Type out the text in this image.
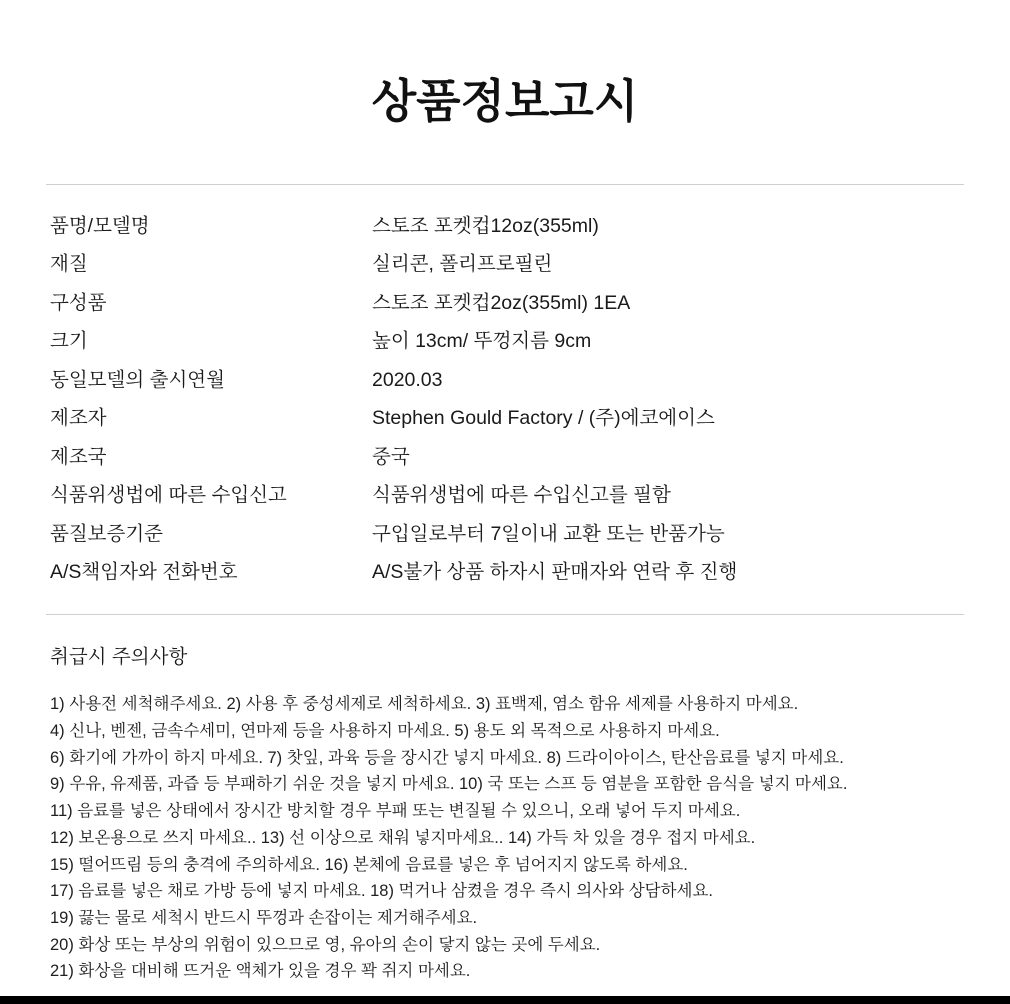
상품정보고시
품명/모델명	스토조 포켓컵12oz(355ml)
재질	실리콘, 폴리프로필린
구성품	스토조 포켓컵2oz(355ml) 1EA
크기	높이 13cm/ 뚜껑지름 9cm
동일모델의 출시연월	2020.03
제조자	Stephen Gould Factory / (주)에코에이스
제조국	중국
식품위생법에 따른 수입신고	식품위생법에 따른 수입신고를 필함
품질보증기준	구입일로부터 7일이내 교환 또는 반품가능
A/S책임자와 전화번호	A/S불가 상품 하자시 판매자와 연락 후 진행
취급시 주의사항
1) 사용전 세척해주세요. 2) 사용 후 중성세제로 세척하세요. 3) 표백제, 염소 함유 세제를 사용하지 마세요.
4) 신나, 벤젠, 금속수세미, 연마제 등을 사용하지 마세요. 5) 용도 외 목적으로 사용하지 마세요.
6) 화기에 가까이 하지 마세요. 7) 찻잎, 과육 등을 장시간 넣지 마세요. 8) 드라이아이스, 탄산음료를 넣지 마세요.
9) 우유, 유제품, 과즙 등 부패하기 쉬운 것을 넣지 마세요. 10) 국 또는 스프 등 염분을 포함한 음식을 넣지 마세요.
11) 음료를 넣은 상태에서 장시간 방치할 경우 부패 또는 변질될 수 있으니, 오래 넣어 두지 마세요.
12) 보온용으로 쓰지 마세요.. 13) 선 이상으로 채워 넣지마세요.. 14) 가득 차 있을 경우 접지 마세요.
15) 떨어뜨림 등의 충격에 주의하세요. 16) 본체에 음료를 넣은 후 넘어지지 않도록 하세요.
17) 음료를 넣은 채로 가방 등에 넣지 마세요. 18) 먹거나 삼켰을 경우 즉시 의사와 상담하세요.
19) 끓는 물로 세척시 반드시 뚜껑과 손잡이는 제거해주세요.
20) 화상 또는 부상의 위험이 있으므로 영, 유아의 손이 닿지 않는 곳에 두세요.
21) 화상을 대비해 뜨거운 액체가 있을 경우 꽉 쥐지 마세요.
